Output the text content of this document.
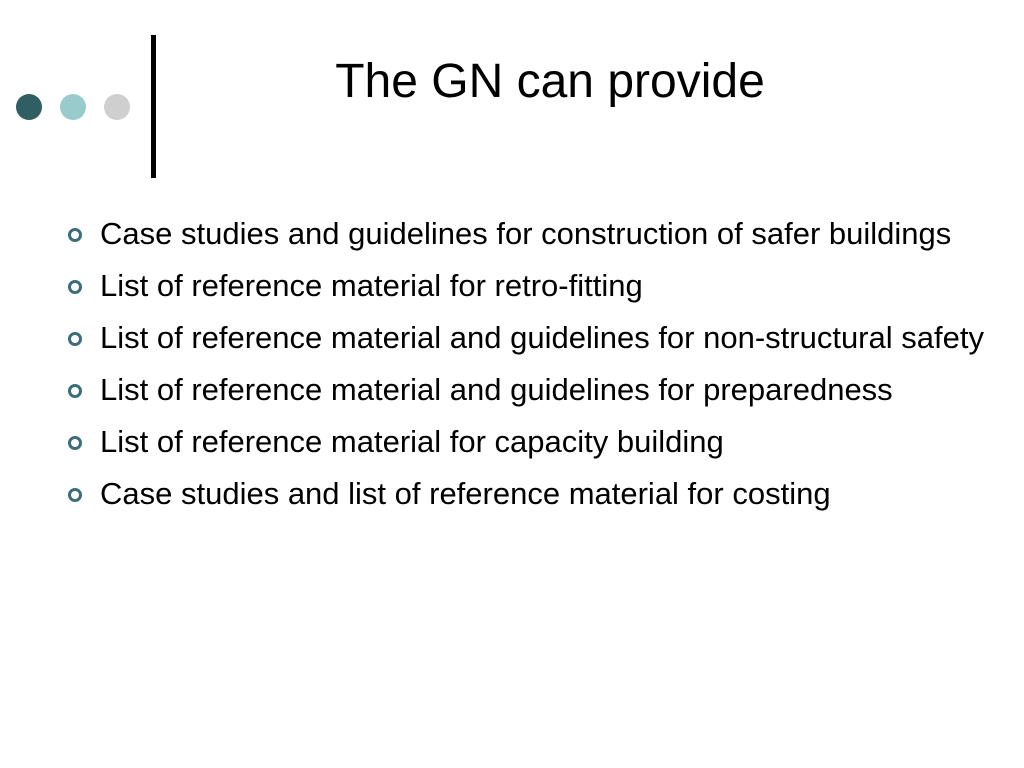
The GN can provide
Case studies and guidelines for construction of safer buildings
List of reference material for retro-fitting
List of reference material and guidelines for non-structural safety
List of reference material and guidelines for preparedness
List of reference material for capacity building
Case studies and list of reference material for costing
